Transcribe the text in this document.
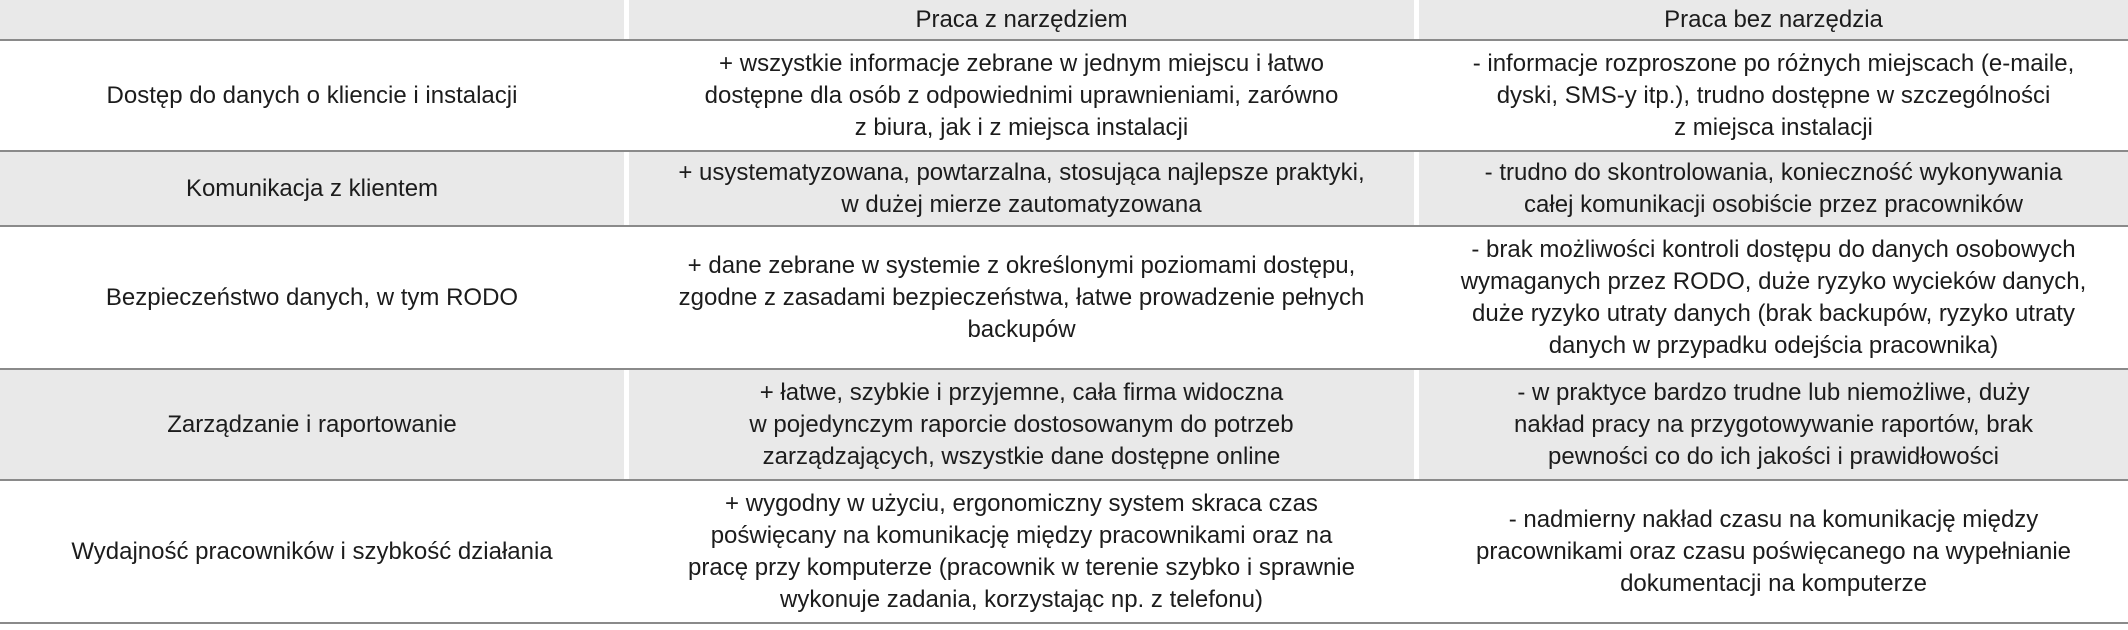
Praca z narzędziem	Praca bez narzędzia
Dostęp do danych o kliencie i instalacji
+ wszystkie informacje zebrane w jednym miejscu i łatwo
dostępne dla osób z odpowiednimi uprawnieniami, zarówno
z biura, jak i z miejsca instalacji
- informacje rozproszone po różnych miejscach (e-maile,
dyski, SMS-y itp.), trudno dostępne w szczególności
z miejsca instalacji
Komunikacja z klientem
+ usystematyzowana, powtarzalna, stosująca najlepsze praktyki,
w dużej mierze zautomatyzowana
- trudno do skontrolowania, konieczność wykonywania
całej komunikacji osobiście przez pracowników
Bezpieczeństwo danych, w tym RODO
+ dane zebrane w systemie z określonymi poziomami dostępu,
zgodne z zasadami bezpieczeństwa, łatwe prowadzenie pełnych
backupów
- brak możliwości kontroli dostępu do danych osobowych
wymaganych przez RODO, duże ryzyko wycieków danych,
duże ryzyko utraty danych (brak backupów, ryzyko utraty
danych w przypadku odejścia pracownika)
Zarządzanie i raportowanie
+ łatwe, szybkie i przyjemne, cała firma widoczna
w pojedynczym raporcie dostosowanym do potrzeb
zarządzających, wszystkie dane dostępne online
- w praktyce bardzo trudne lub niemożliwe, duży
nakład pracy na przygotowywanie raportów, brak
pewności co do ich jakości i prawidłowości
Wydajność pracowników i szybkość działania
+ wygodny w użyciu, ergonomiczny system skraca czas
poświęcany na komunikację między pracownikami oraz na
pracę przy komputerze (pracownik w terenie szybko i sprawnie
wykonuje zadania, korzystając np. z telefonu)
- nadmierny nakład czasu na komunikację między
pracownikami oraz czasu poświęcanego na wypełnianie
dokumentacji na komputerze
